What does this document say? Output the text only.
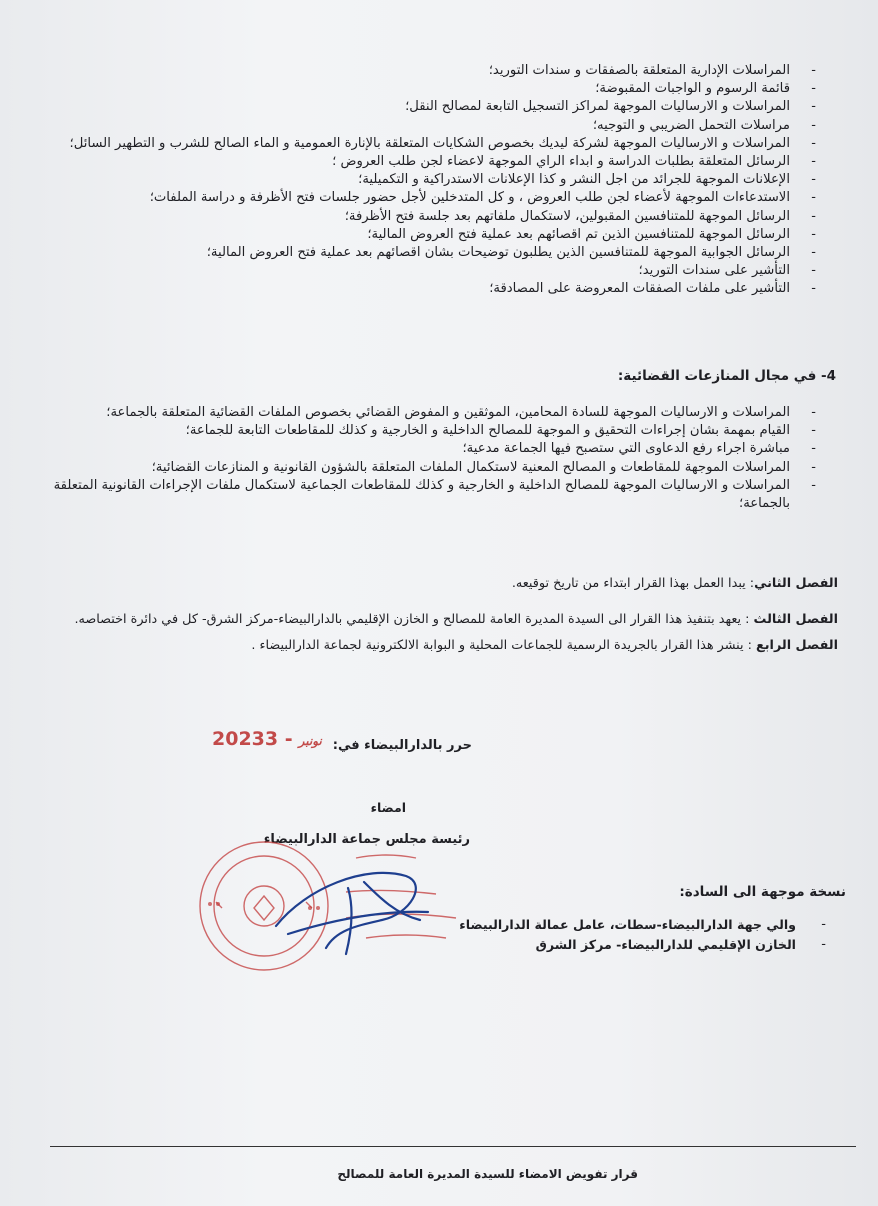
-
المراسلات الإدارية المتعلقة بالصفقات و سندات التوريد؛
-
قائمة الرسوم و الواجبات المقبوضة؛
-
المراسلات و الارساليات الموجهة لمراكز التسجيل التابعة لمصالح النقل؛
-
مراسلات التحمل الضريبي و التوجيه؛
-
المراسلات و الارساليات الموجهة لشركة ليديك بخصوص الشكايات المتعلقة بالإنارة العمومية و الماء الصالح للشرب و التطهير السائل؛
-
الرسائل المتعلقة بطلبات الدراسة و ابداء الراي الموجهة لاعضاء لجن طلب العروض ؛
-
الإعلانات الموجهة للجرائد من اجل النشر و كذا الإعلانات الاستدراكية و التكميلية؛
-
الاستدعاءات الموجهة لأعضاء لجن طلب العروض ، و كل المتدخلين لأجل حضور جلسات فتح الأظرفة و دراسة الملفات؛
-
الرسائل الموجهة للمتنافسين المقبولين، لاستكمال ملفاتهم بعد جلسة فتح الأظرفة؛
-
الرسائل الموجهة للمتنافسين الذين تم اقصائهم بعد عملية فتح العروض المالية؛
-
الرسائل الجوابية الموجهة للمتنافسين الذين يطلبون توضيحات بشان اقصائهم بعد عملية فتح العروض المالية؛
-
التأشير على سندات التوريد؛
-
التأشير على ملفات الصفقات المعروضة على المصادقة؛
4- في مجال المنازعات القضائية:
-
المراسلات و الارساليات الموجهة للسادة المحامين، الموثقين و المفوض القضائي بخصوص الملفات القضائية المتعلقة بالجماعة؛
-
القيام بمهمة بشان إجراءات التحقيق و الموجهة للمصالح الداخلية و الخارجية و كذلك للمقاطعات التابعة للجماعة؛
-
مباشرة اجراء رفع الدعاوى التي ستصبح فيها الجماعة مدعية؛
-
المراسلات الموجهة للمقاطعات و المصالح المعنية لاستكمال الملفات المتعلقة بالشؤون القانونية و المنازعات القضائية؛
-
المراسلات و الارساليات الموجهة للمصالح الداخلية و الخارجية و كذلك للمقاطعات الجماعية لاستكمال ملفات الإجراءات القانونية المتعلقة بالجماعة؛
الفصل الثاني: يبدا العمل بهذا القرار ابتداء من تاريخ توقيعه.
الفصل الثالث : يعهد بتنفيذ هذا القرار الى السيدة المديرة العامة للمصالح و الخازن الإقليمي بالدارالبيضاء-مركز الشرق- كل في دائرة اختصاصه.
الفصل الرابع : ينشر هذا القرار بالجريدة الرسمية للجماعات المحلية و البوابة الالكترونية لجماعة الدارالبيضاء .
حرر بالدارالبيضاء في:
2023	نونبر- 3
امضاء
رئيسة مجلس جماعة الدارالبيضاء
نسخة موجهة الى السادة:
-
والي جهة الدارالبيضاء-سطات، عامل عمالة الدارالبيضاء
-
الخازن الإقليمي للدارالبيضاء- مركز الشرق
قرار تفويض الامضاء للسيدة المديرة العامة للمصالح
